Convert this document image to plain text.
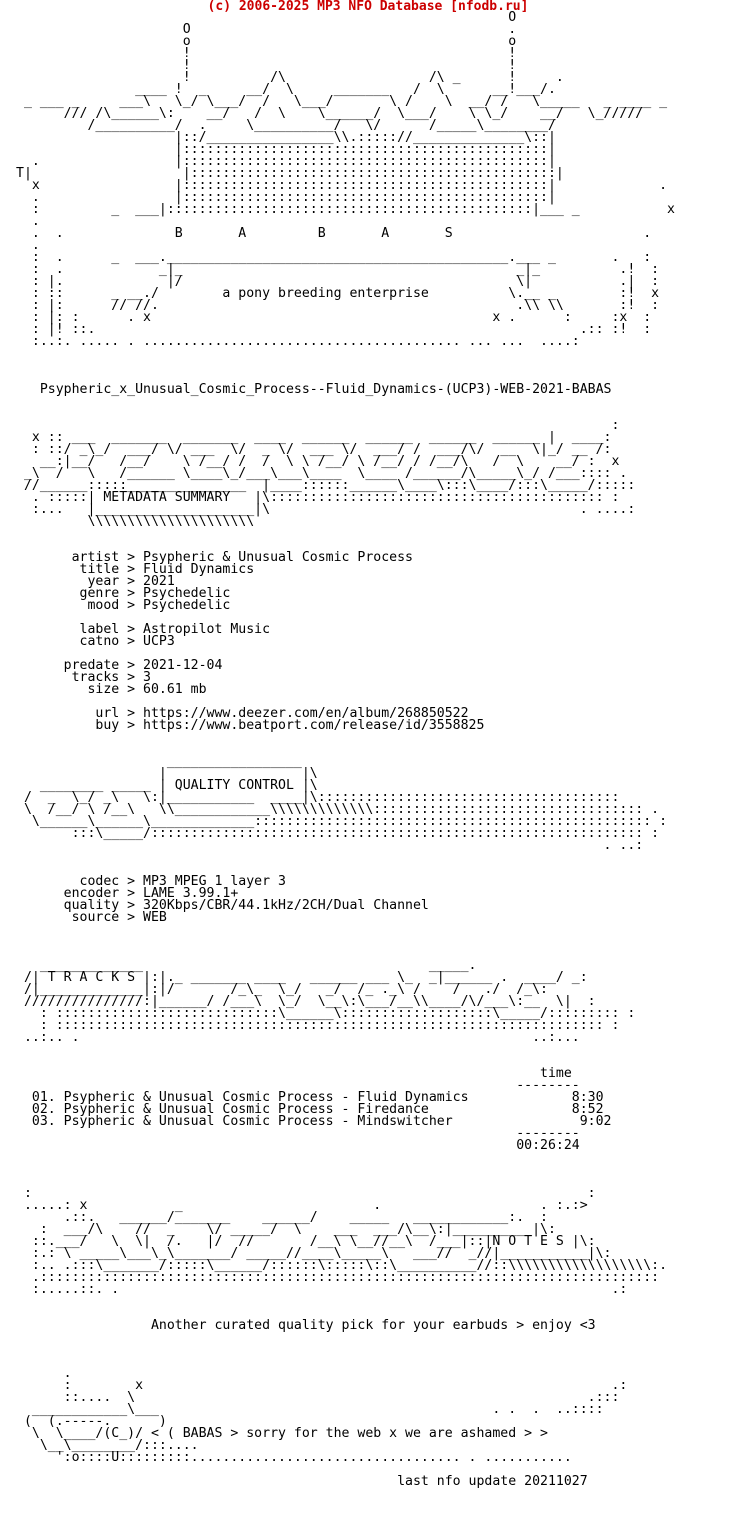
(c) 2006-2025 MP3 NFO Database [nfodb.ru]
O
O                                        .
o                                        o
!                                        !
!                                        !
!          /\                  /\ _      !     .
____ !  _     __/  \     _______   /  \      __!___/.
_ ___ _     ___\   \_/ \___/  /   \___/       \ /    \  __/ /   \_____   _ ____ _
/// /\______\:    __/   /  \    \______/  \___/    \ \_/    __/   \_/////
/__________/  .     \__________/   \/      /_____\________/
|::/________________\\.::::://______________\::|
|::::::::::::::::::::::::::::::::::::::::::::::|
.                 |::::::::::::::::::::::::::::::::::::::::::::::|
T|                   |::::::::::::::::::::::::::::::::::::::::::::::|
x                 |::::::::::::::::::::::::::::::::::::::::::::::|             .
.                 |::::::::::::::::::::::::::::::::::::::::::::::|
:         _  ___|::::::::::::::::::::::::::::::::::::::::::::::|___ _           x
.
.  .              B       A         B       A       S                        .
.
:  .      _  ___.___________________________________________.___ _       .   :
:  .            _|_                                          _|_          .!  :
: |.             |/                                          \|           .|  :
: ::      _ __./        a pony breeding enterprise          \.__ _        :!  x
: |:      // //.                                             .\\ \\       :!  :
: |: :      . x                                           x .      :     :x  :
: |! ::.                                                             .:: :!  :
:..:. ..... . ........................................ ... ...  ....:
Psypheric_x_Unusual_Cosmic_Process--Fluid_Dynamics-(UCP3)-WEB-2021-BABAS
:
x :: ___  _______  _______  ____  ______  ______  ______  ______ |  ____:
: ::/ _\_/  ___/ \/ ___  \/  _ \/  ___ \/  ___/ /  ___/\/  __  \|_/ __ /:
__:|__/   /__/    \ /__/ /  /  \ \ /__/ \ /__/ / /__/\   /  \    __/ :  x
_\  /   \   /______ \____\_/___\___\____  \____ /______/\_____\_/ /___:::: .
//______:::::_______________  |____::::::______\____\:::\____/:::\_____/:::::
. :::::| METADATA SUMMARY   |\:::::::::::::::::::::::::::::::::::::::::: :
:...   |____________________|\                                       . ....:
\\\\\\\\\\\\\\\\\\\\\
artist > Psypheric & Unusual Cosmic Process
title > Fluid Dynamics
year > 2021
genre > Psychedelic
mood > Psychedelic
label > Astropilot Music
catno > UCP3
predate > 2021-12-04
tracks > 3
size > 60.61 mb
url > https://www.deezer.com/en/album/268850522
buy > https://www.beatport.com/release/id/3558825
_________________
|                 |\
________ _____ | QUALITY CONTROL |\
/  _  \_/ _\   \:|___________  ____|\::::::::::::::::::::::::::::::::::::::
\  /__/ \ /__\   \\____________\\\\\\\\\\\\\:::::::::::::::::::::::::::::::::: .
\______\______\_____________:::::::::::::::::::::::::::::::::::::::::::::::::: :
:::\_____/:::::::::::::::::::::::::::::::::::::::::::::::::::::::::::::: :
. ..:
codec > MP3 MPEG 1 layer 3
encoder > LAME 3.99.1+
quality > 320Kbps/CBR/44.1kHz/2CH/Dual Channel
source > WEB
_____________                                    _____.
/| T R A C K S |:|._ _______ ____   ______ ___ \_  _|______ .  ____/ _:
/|_____________|:|/       /_\_  \_/   _/  /_ ._\ /    /   ./  /_\:
///////////////:|______/ /___\  \_/  \__\:\___/__\\____/\/___\:__  \|  :
: ::::::::::::::::::::::::::::\______\:::::::::::::::::::\_____/::::::::: :
: ::::::::::::::::::::::::::::::::::::::::::::::::::::::::::::::::::::: :
..:.. .                                                         ..:...
time
--------
01. Psypheric & Unusual Cosmic Process - Fluid Dynamics             8:30
02. Psypheric & Unusual Cosmic Process - Firedance                  8:52
03. Psypheric & Unusual Cosmic Process - Mindswitcher                9:02
--------
00:26:24
:                                                                      :
.....: x           _                        .                    . :.:>
.::.   ______/_______    ______/    _____   ____________:.  :
:  ___/\    //  _    \/ _____/  \    ___  ___/\__\:|__________|\:
::.___/   \  \|  /.   |/  //       /__\ \__//__\  /___|::|N O T E S |\:
:.: \ _____\___\_\_______/ _____//____\_____\   ___//  _//|___________|\:
:.. .:::\_______/:::::\______/::::::\:::::\::\__________//::\\\\\\\\\\\\\\\\\\:.
.::::::::::::::::::::::::::::::::::::::::::::::::::::::::::::::::::::::::::::::
:.....::. .                                                              .:
Another curated quality pick for your earbuds > enjoy <3
.
:        x                                                           .:
::....  \                                                         .:::
____________\___                                          . .  .  ..::::
(  (.-----.      )
\  \____/(C_)/ < ( BABAS > sorry for the web x we are ashamed > >
\__\________/:::....
':o::::U:::::::::.................................. . ...........
last nfo update 20211027
